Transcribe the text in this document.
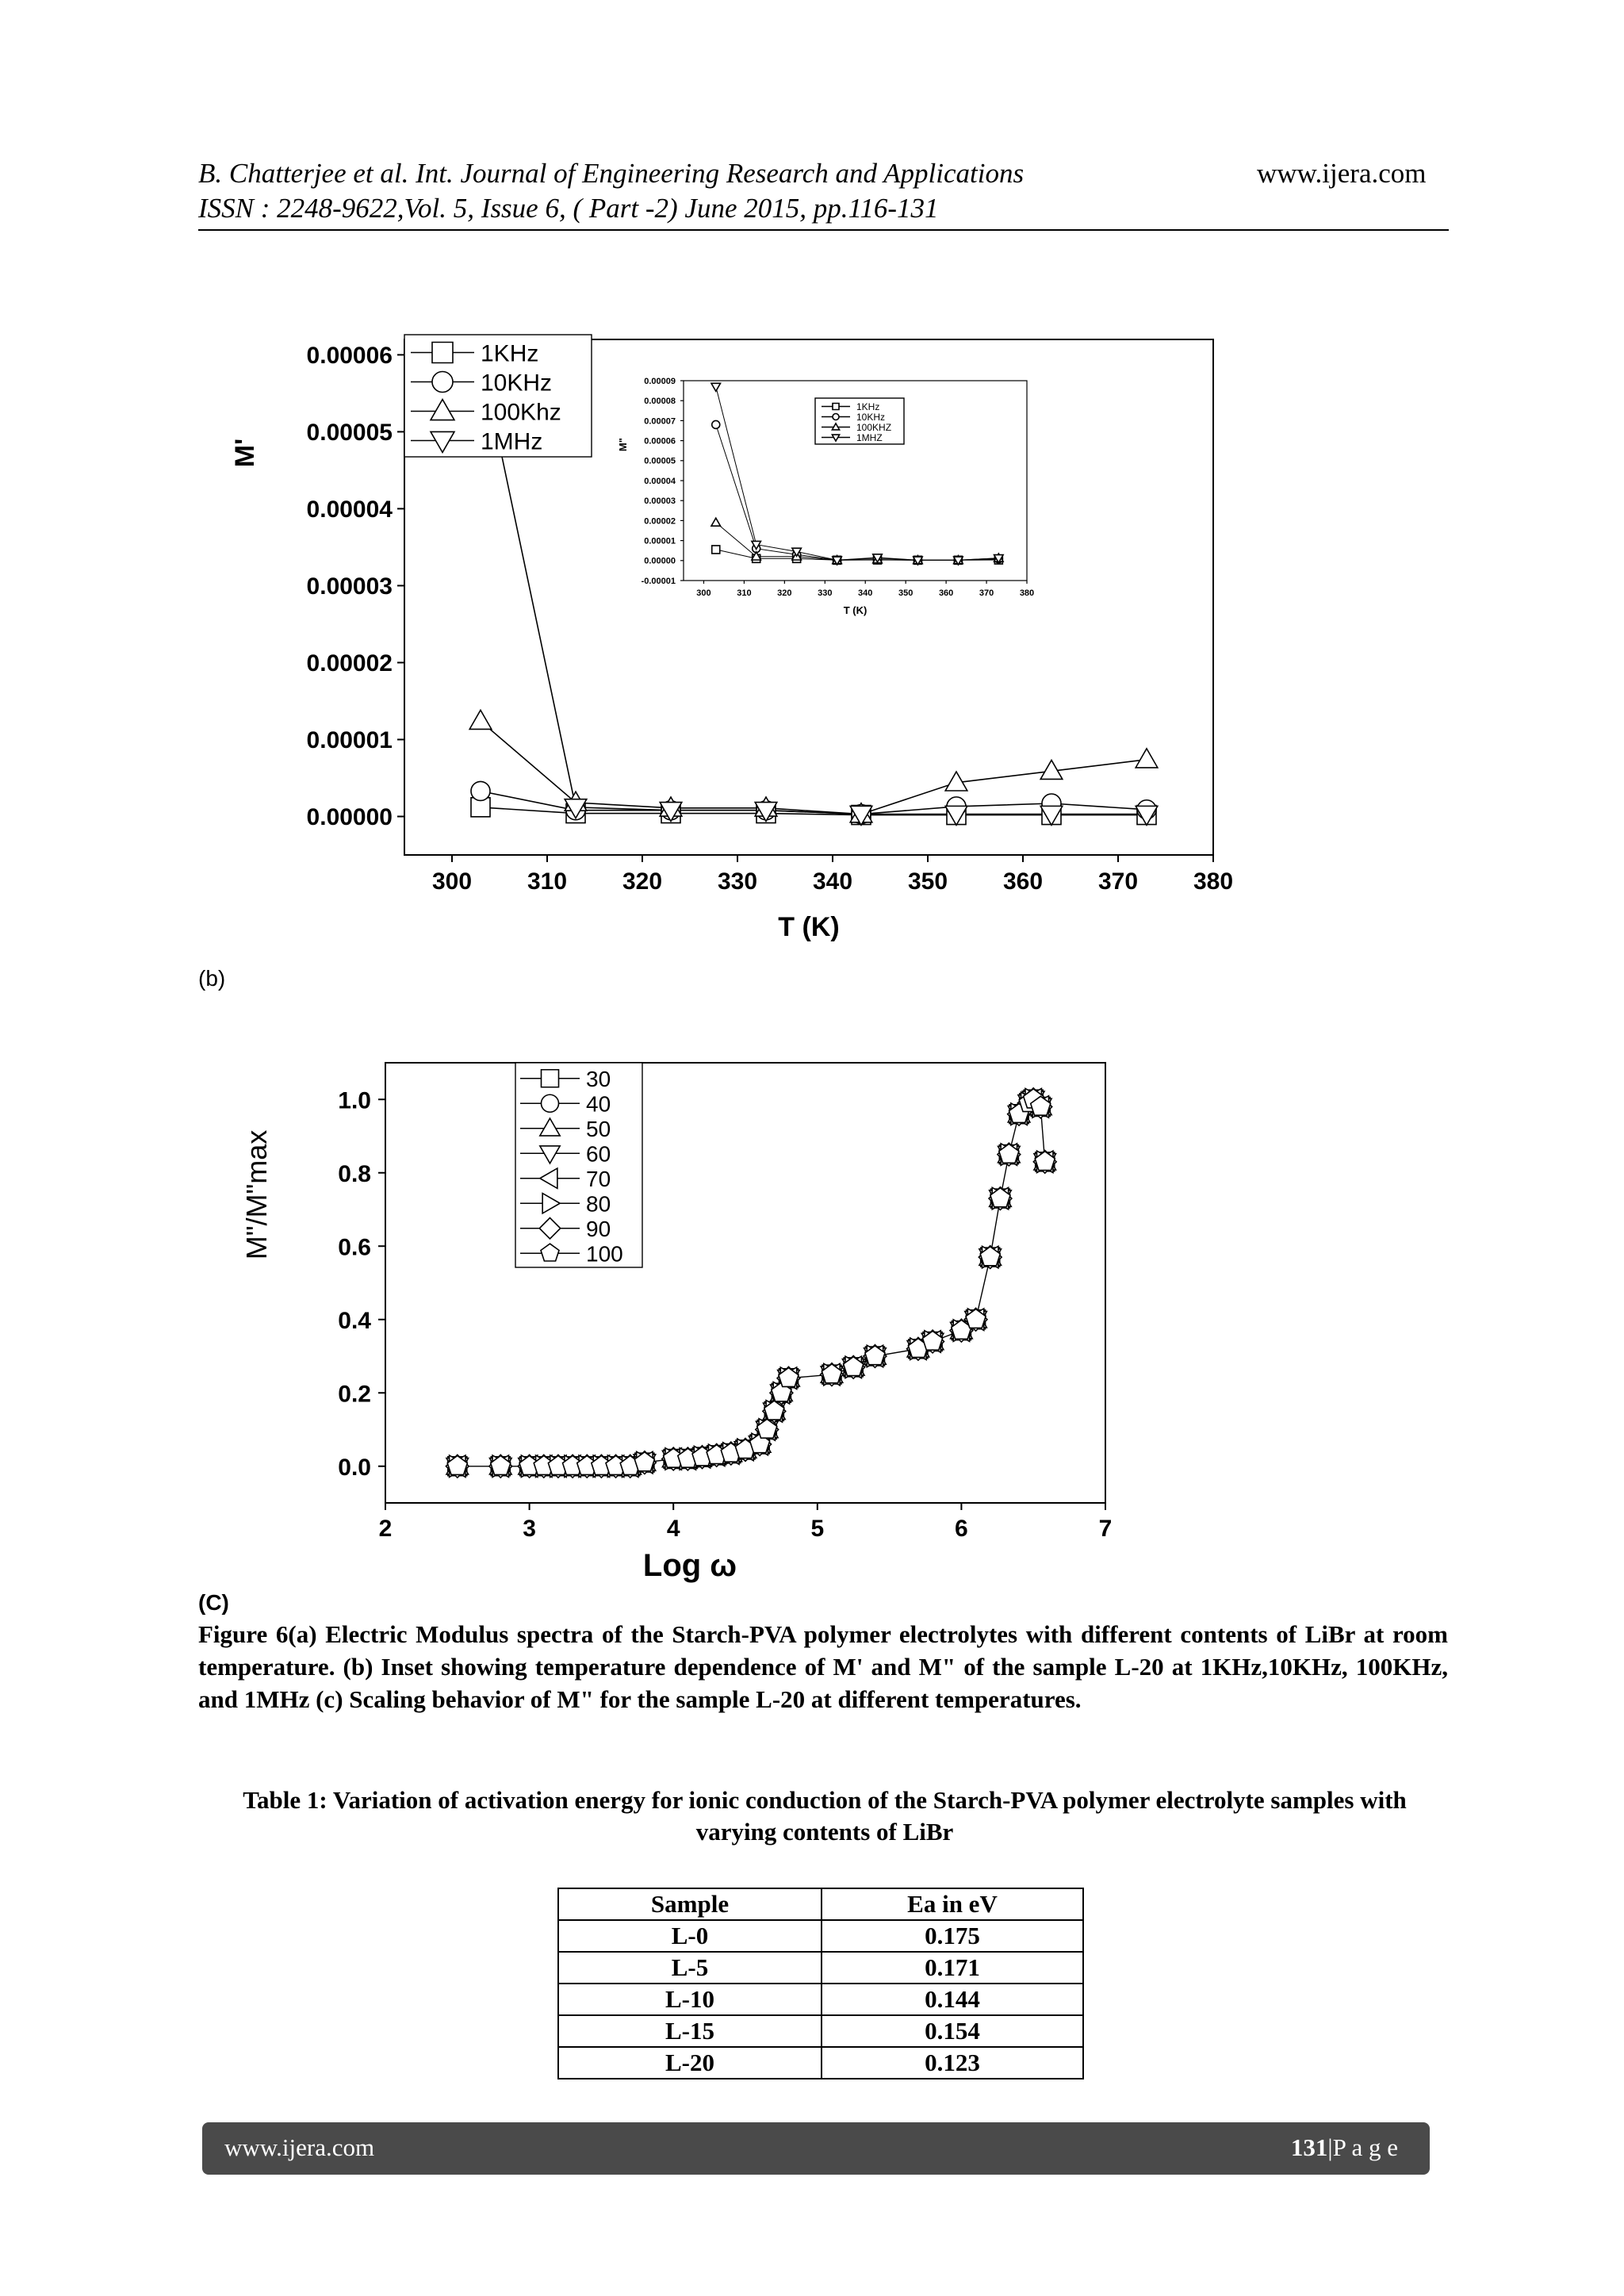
B. Chatterjee et al. Int. Journal of Engineering Research and Applications	www.ijera.com
ISSN : 2248-9622,Vol. 5, Issue 6, ( Part -2) June 2015, pp.116-131
300 310 320 330 340 350 360 370 380
0.00000
0.00001
0.00002
0.00003
0.00004
0.00005
0.00006
T (K)
M'
1KHz
10KHz
100Khz
1MHz
300	310	320	330	340	350	360	370	380
-0.00001
0.00000
0.00001
0.00002
0.00003
0.00004
0.00005
0.00006
0.00007
0.00008
0.00009
T (K)
M"
1KHz
10KHz
100KHZ
1MHZ
(b)
2	3	4	5	6	7
0.0
0.2
0.4
0.6
0.8
1.0
Log ω
M"/M"max
30
40
50
60
70
80
90
100
(C)
Figure 6(a) Electric Modulus spectra of the Starch-PVA polymer electrolytes with different contents of LiBr at room temperature. (b) Inset showing temperature dependence of M' and M" of the sample L-20 at 1KHz,10KHz, 100KHz, and 1MHz (c) Scaling behavior of M" for the sample L-20 at different temperatures.
Table 1: Variation of activation energy for ionic conduction of the Starch-PVA polymer electrolyte samples with varying contents of LiBr
Sample	Ea in eV
L-0	0.175
L-5	0.171
L-10	0.144
L-15	0.154
L-20	0.123
www.ijera.com	131|P a g e
